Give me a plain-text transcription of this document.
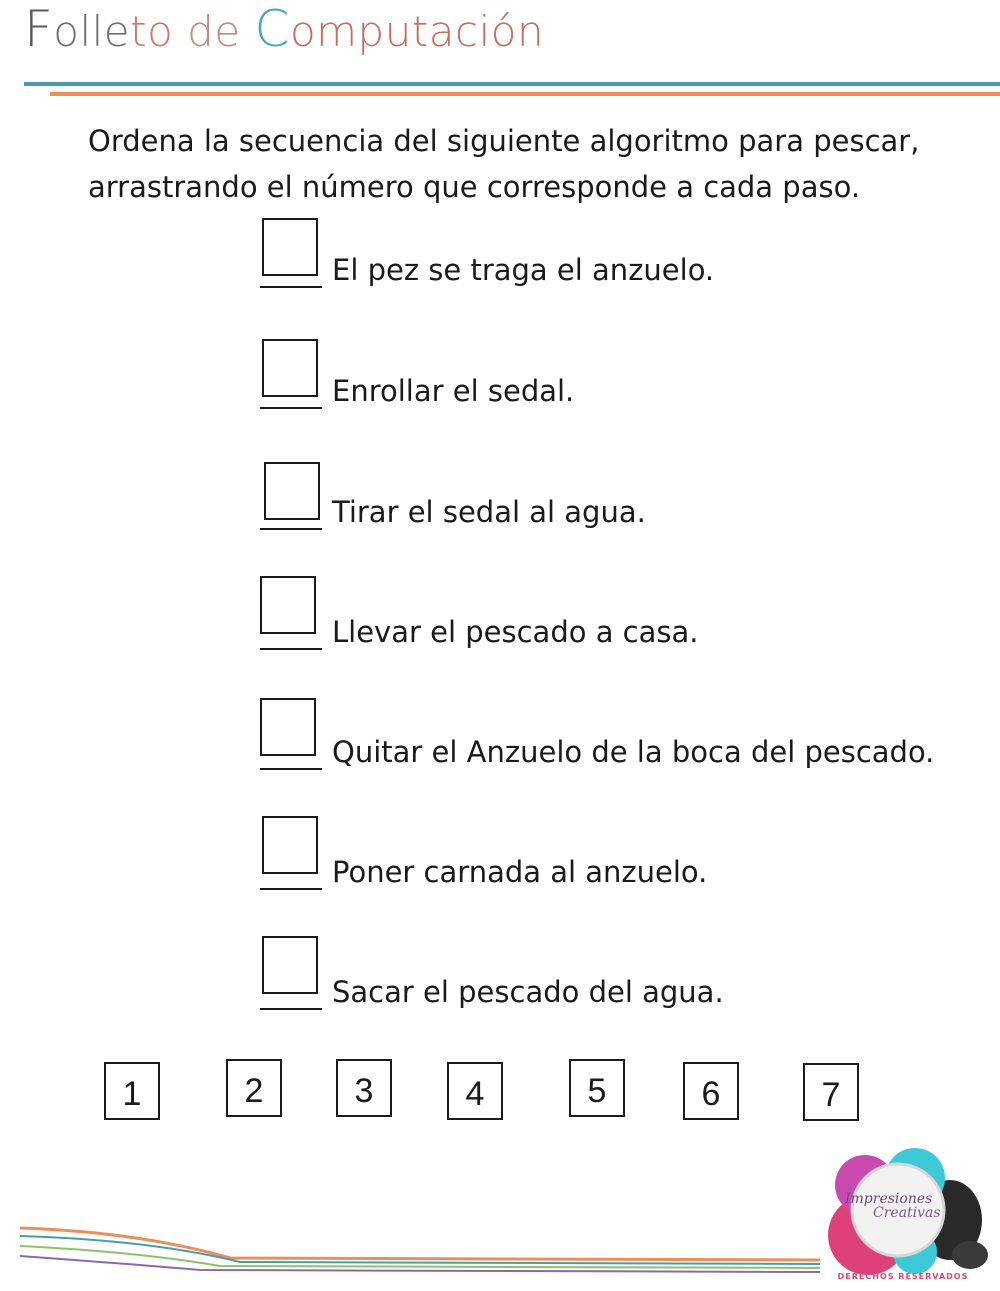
Folleto de Computación
Ordena la secuencia del siguiente algoritmo para pescar,
arrastrando el número que corresponde a cada paso.
El pez se traga el anzuelo.
Enrollar el sedal.
Tirar el sedal al agua.
Llevar el pescado a casa.
Quitar el Anzuelo de la boca del pescado.
Poner carnada al anzuelo.
Sacar el pescado del agua.
1	2	3	4	5	6	7
Impresiones
Creativas
DERECHOS RESERVADOS
